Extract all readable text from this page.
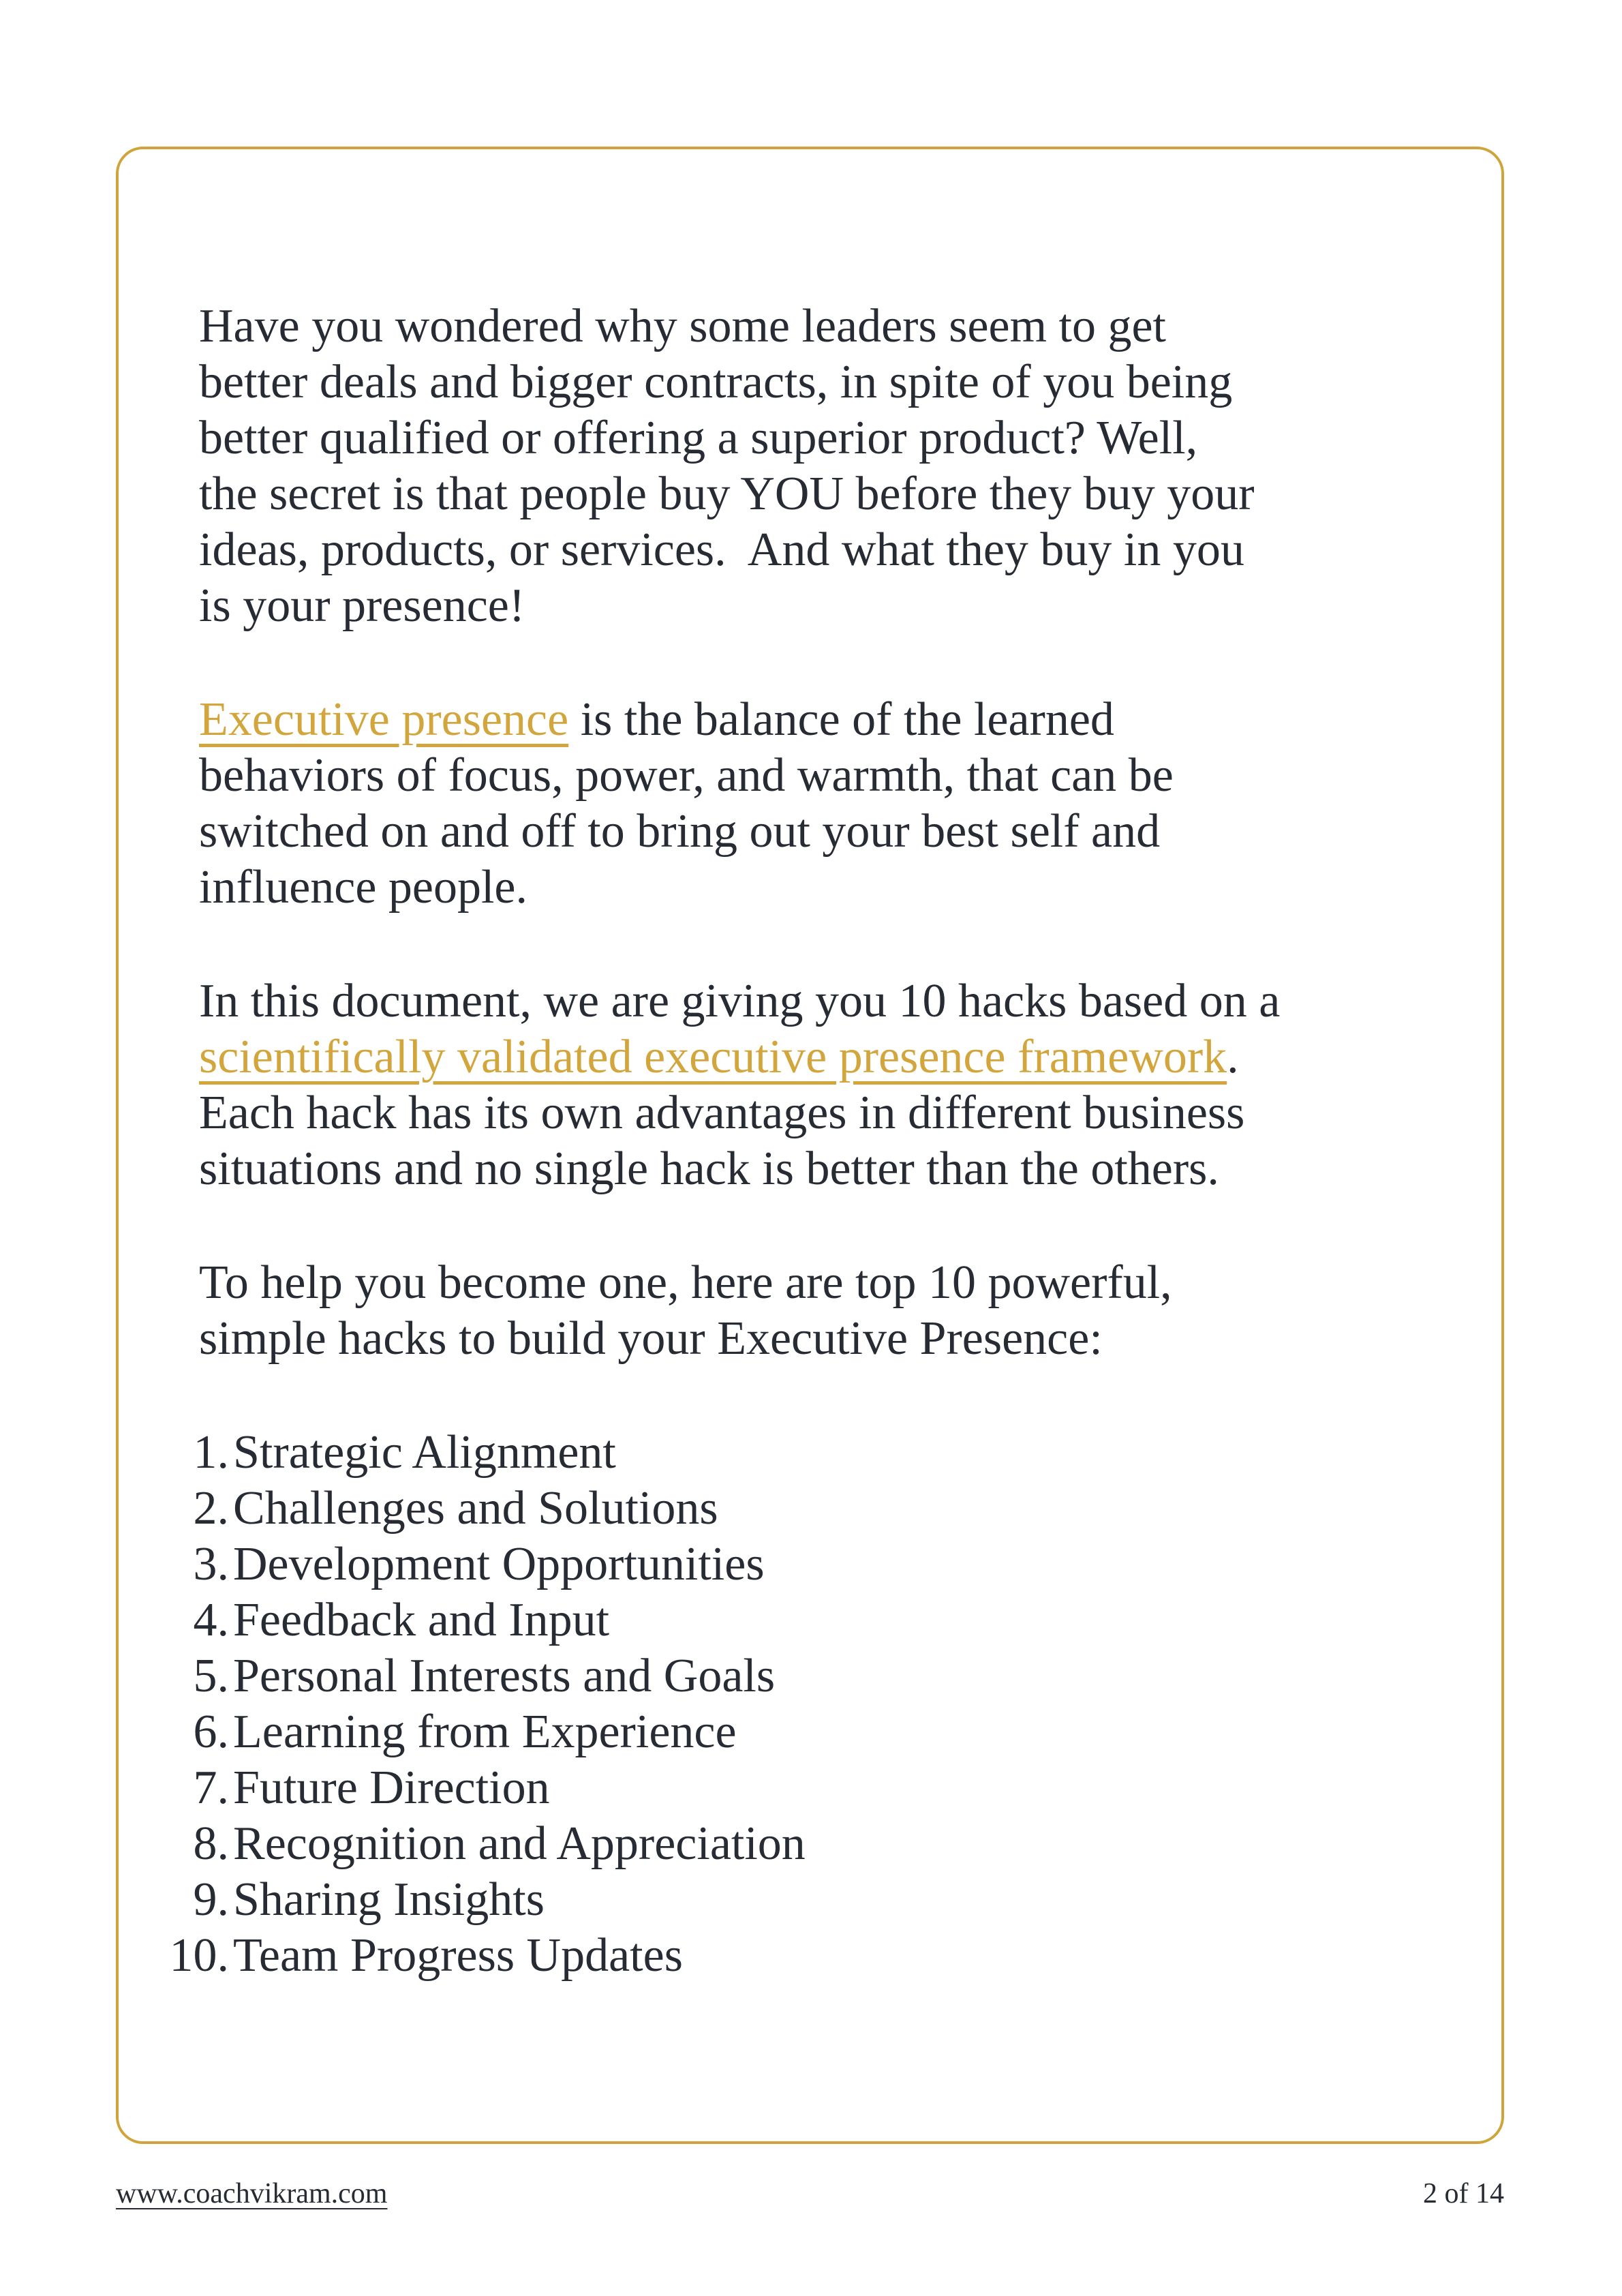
Have you wondered why some leaders seem to get
better deals and bigger contracts, in spite of you being
better qualified or offering a superior product? Well,
the secret is that people buy YOU before they buy your
ideas, products, or services.  And what they buy in you
is your presence!
Executive presence is the balance of the learned
behaviors of focus, power, and warmth, that can be
switched on and off to bring out your best self and
influence people.
In this document, we are giving you 10 hacks based on a
scientifically validated executive presence framework.
Each hack has its own advantages in different business
situations and no single hack is better than the others.
To help you become one, here are top 10 powerful,
simple hacks to build your Executive Presence:
Strategic Alignment
Challenges and Solutions
Development Opportunities
Feedback and Input
Personal Interests and Goals
Learning from Experience
Future Direction
Recognition and Appreciation
Sharing Insights
Team Progress Updates
www.coachvikram.com	2 of 14
